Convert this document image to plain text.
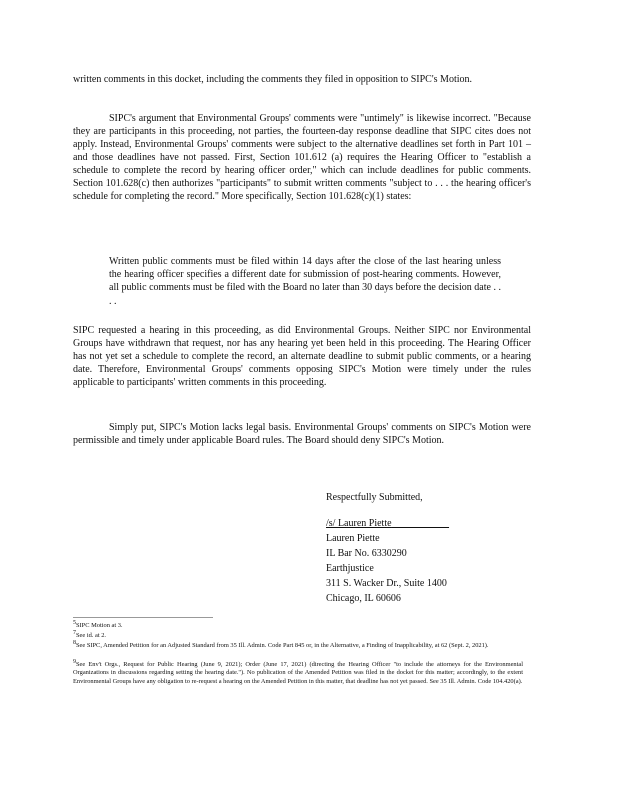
written comments in this docket, including the comments they filed in opposition to SIPC's Motion.

SIPC's argument that Environmental Groups' comments were "untimely" is likewise incorrect. "Because they are participants in this proceeding, not parties, the fourteen-day response deadline that SIPC cites does not apply. Instead, Environmental Groups' comments were subject to the alternative deadlines set forth in Part 101 – and those deadlines have not passed. First, Section 101.612 (a) requires the Hearing Officer to "establish a schedule to complete the record by hearing officer order," which can include deadlines for public comments. Section 101.628(c) then authorizes "participants" to submit written comments "subject to . . . the hearing officer's schedule for completing the record." More specifically, Section 101.628(c)(1) states:

Written public comments must be filed within 14 days after the close of the last hearing unless the hearing officer specifies a different date for submission of post-hearing comments. However, all public comments must be filed with the Board no later than 30 days before the decision date . . . .

SIPC requested a hearing in this proceeding, as did Environmental Groups. Neither SIPC nor Environmental Groups have withdrawn that request, nor has any hearing yet been held in this proceeding. The Hearing Officer has not yet set a schedule to complete the record, an alternate deadline to submit public comments, or a hearing date. Therefore, Environmental Groups' comments opposing SIPC's Motion were timely under the rules applicable to participants' written comments in this proceeding.

Simply put, SIPC's Motion lacks legal basis. Environmental Groups' comments on SIPC's Motion were permissible and timely under applicable Board rules. The Board should deny SIPC's Motion.

Respectfully Submitted,
/s/ Lauren Piette
Lauren Piette
IL Bar No. 6330290
Earthjustice
311 S. Wacker Dr., Suite 1400
Chicago, IL 60606

$^5$SIPC Motion at 3.

$^7$See id. at 2.

$^8$See SIPC, Amended Petition for an Adjusted Standard from 35 Ill. Admin. Code Part 845 or, in the Alternative, a Finding of Inapplicability, at 62 (Sept. 2, 2021).

$^9$See Env't Orgs., Request for Public Hearing (June 9, 2021); Order (June 17, 2021) (directing the Hearing Officer "to include the attorneys for the Environmental Organizations in discussions regarding setting the hearing date."). No publication of the Amended Petition was filed in the docket for this matter; accordingly, to the extent Environmental Groups have any obligation to re-request a hearing on the Amended Petition in this matter, that deadline has not yet passed. See 35 Ill. Admin. Code 104.420(a).
